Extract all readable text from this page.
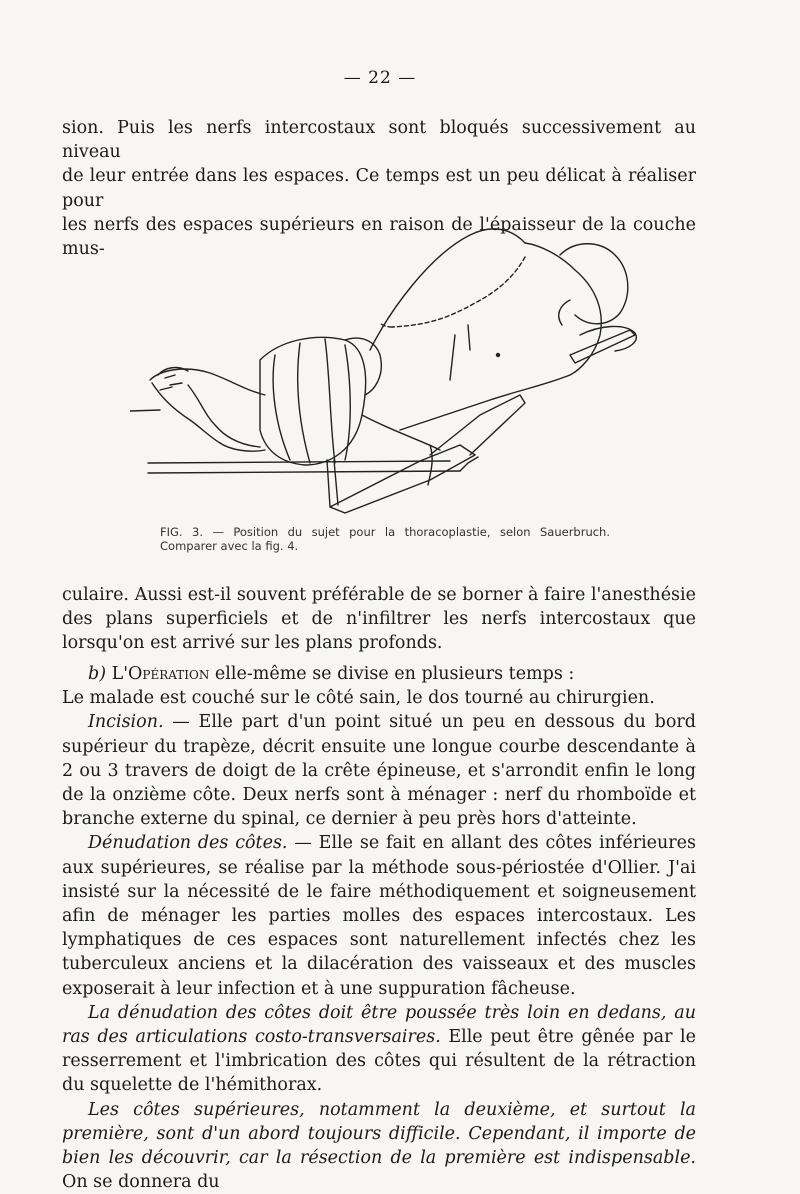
— 22 —

sion. Puis les nerfs intercostaux sont bloqués successivement au niveau

de leur entrée dans les espaces. Ce temps est un peu délicat à réaliser pour

les nerfs des espaces supérieurs en raison de l'épaisseur de la couche mus-

FIG. 3. — Position du sujet pour la thoracoplastie, selon Sauerbruch. Comparer avec la fig. 4.

culaire. Aussi est-il souvent préférable de se borner à faire l'anesthésie des plans superficiels et de n'infiltrer les nerfs intercostaux que lorsqu'on est arrivé sur les plans profonds.

b) L'Opération elle-même se divise en plusieurs temps :

Le malade est couché sur le côté sain, le dos tourné au chirurgien.

Incision. — Elle part d'un point situé un peu en dessous du bord supérieur du trapèze, décrit ensuite une longue courbe descendante à 2 ou 3 travers de doigt de la crête épineuse, et s'arrondit enfin le long de la onzième côte. Deux nerfs sont à ménager : nerf du rhomboïde et branche externe du spinal, ce dernier à peu près hors d'atteinte.

Dénudation des côtes. — Elle se fait en allant des côtes inférieures aux supérieures, se réalise par la méthode sous-périostée d'Ollier. J'ai insisté sur la nécessité de le faire méthodiquement et soigneusement afin de ménager les parties molles des espaces intercostaux. Les lymphatiques de ces espaces sont naturellement infectés chez les tuberculeux anciens et la dilacération des vaisseaux et des muscles exposerait à leur infection et à une suppuration fâcheuse.

La dénudation des côtes doit être poussée très loin en dedans, au ras des articulations costo-transversaires. Elle peut être gênée par le resserrement et l'imbrication des côtes qui résultent de la rétraction du squelette de l'hémithorax.

Les côtes supérieures, notamment la deuxième, et surtout la première, sont d'un abord toujours difficile. Cependant, il importe de bien les découvrir, car la résection de la première est indispensable. On se donnera du
